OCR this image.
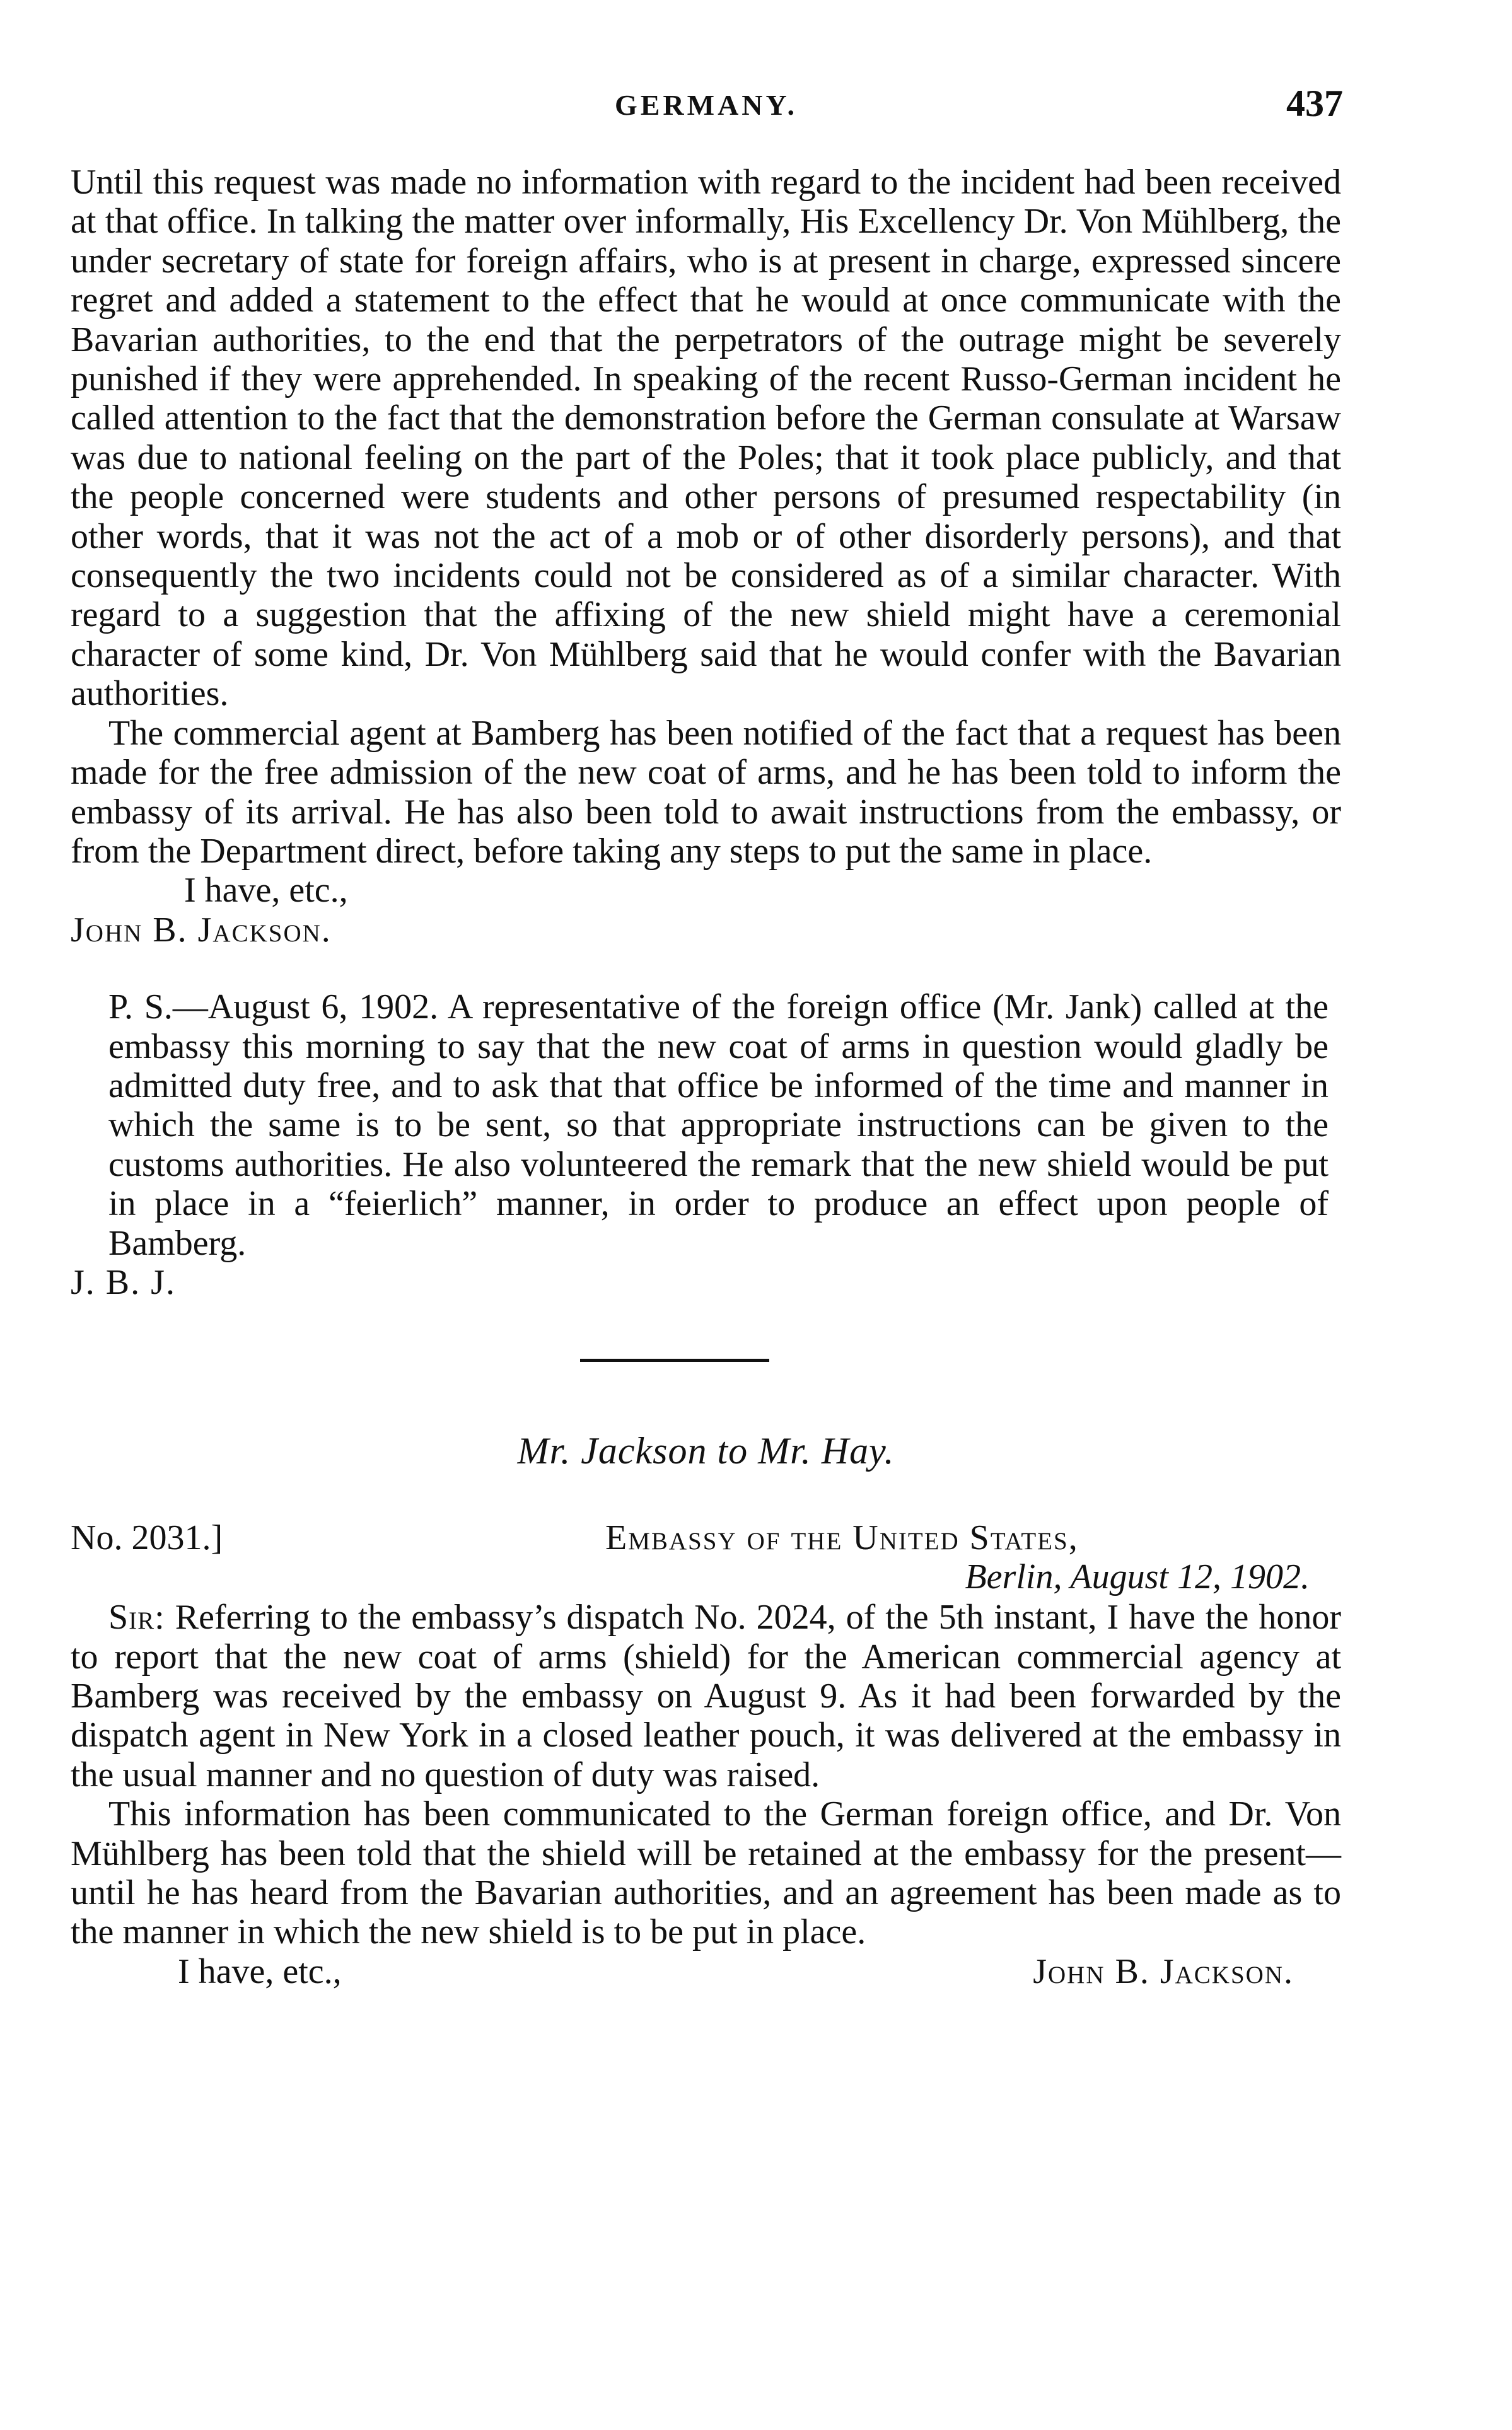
GERMANY.	437

Until this request was made no information with regard to the incident had been received at that office. In talking the matter over informally, His Excellency Dr. Von Mühlberg, the under secretary of state for foreign affairs, who is at present in charge, expressed sincere regret and added a statement to the effect that he would at once communicate with the Bavarian authorities, to the end that the perpetrators of the outrage might be severely punished if they were apprehended. In speaking of the recent Russo-German incident he called attention to the fact that the demonstration before the German consulate at Warsaw was due to national feeling on the part of the Poles; that it took place publicly, and that the people concerned were students and other persons of presumed respectability (in other words, that it was not the act of a mob or of other disorderly persons), and that consequently the two incidents could not be considered as of a similar character. With regard to a suggestion that the affixing of the new shield might have a ceremonial character of some kind, Dr. Von Mühlberg said that he would confer with the Bavarian authorities.

The commercial agent at Bamberg has been notified of the fact that a request has been made for the free admission of the new coat of arms, and he has been told to inform the embassy of its arrival. He has also been told to await instructions from the embassy, or from the Department direct, before taking any steps to put the same in place.

I have, etc.,

John B. Jackson.

P. S.—August 6, 1902. A representative of the foreign office (Mr. Jank) called at the embassy this morning to say that the new coat of arms in question would gladly be admitted duty free, and to ask that that office be informed of the time and manner in which the same is to be sent, so that appropriate instructions can be given to the customs authorities. He also volunteered the remark that the new shield would be put in place in a “feierlich” manner, in order to produce an effect upon people of Bamberg.

J. B. J.

Mr. Jackson to Mr. Hay.

No. 2031.]	Embassy of the United States,

Berlin, August 12, 1902.

Sir: Referring to the embassy’s dispatch No. 2024, of the 5th instant, I have the honor to report that the new coat of arms (shield) for the American commercial agency at Bamberg was received by the embassy on August 9. As it had been forwarded by the dispatch agent in New York in a closed leather pouch, it was delivered at the embassy in the usual manner and no question of duty was raised.

This information has been communicated to the German foreign office, and Dr. Von Mühlberg has been told that the shield will be retained at the embassy for the present—until he has heard from the Bavarian authorities, and an agreement has been made as to the manner in which the new shield is to be put in place.

I have, etc.,	John B. Jackson.
